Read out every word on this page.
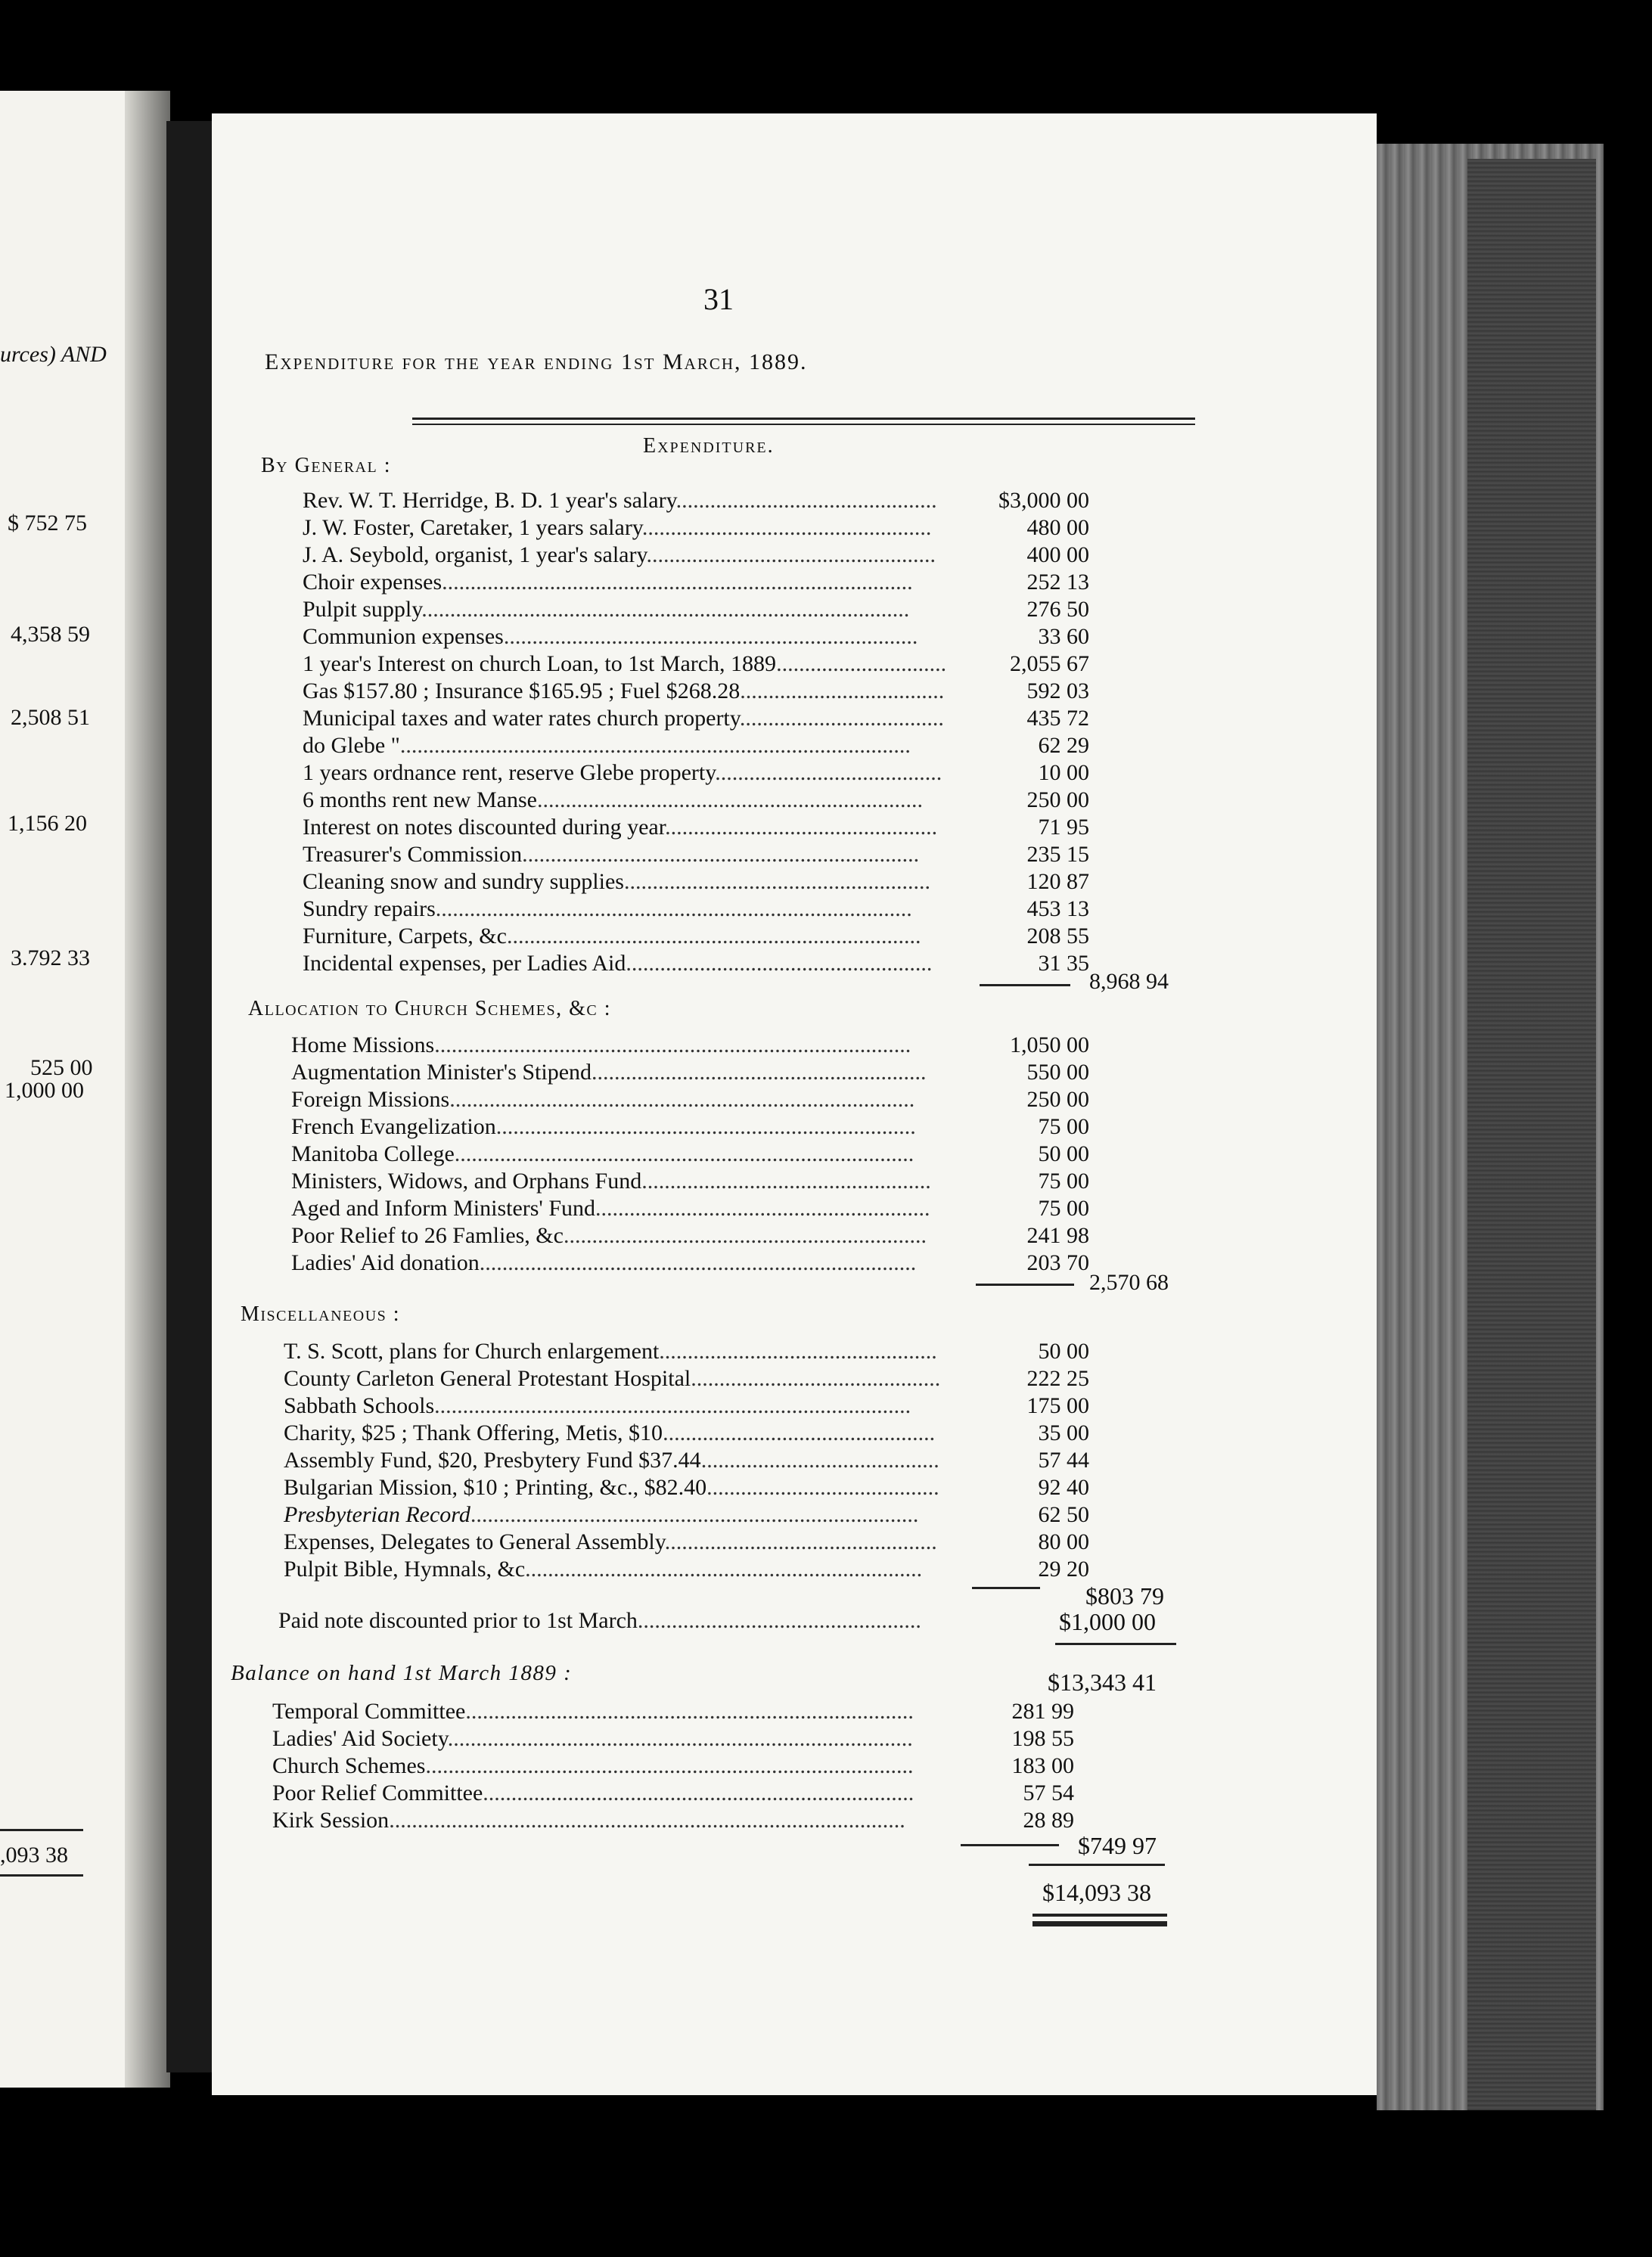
urces) AND
$ 752 75
4,358 59
2,508 51
1,156 20
3.792 33
525 00
1,000 00
,093 38
31
Expenditure for the year ending 1st March, 1889.
Expenditure.
By General :
Rev. W. T. Herridge, B. D. 1 year's salary..............................................	$3,000 00
J. W. Foster, Caretaker, 1 years salary...................................................	480 00
J. A. Seybold, organist, 1 year's salary...................................................	400 00
Choir expenses...................................................................................	252 13
Pulpit supply......................................................................................	276 50
Communion expenses.........................................................................	33 60
1 year's Interest on church Loan, to 1st March, 1889..............................	2,055 67
Gas $157.80 ; Insurance $165.95 ; Fuel $268.28....................................	592 03
Municipal taxes and water rates church property....................................	435 72
do Glebe "..........................................................................................	62 29
1 years ordnance rent, reserve Glebe property........................................	10 00
6 months rent new Manse....................................................................	250 00
Interest on notes discounted during year................................................	71 95
Treasurer's Commission......................................................................	235 15
Cleaning snow and sundry supplies......................................................	120 87
Sundry repairs....................................................................................	453 13
Furniture, Carpets, &c.........................................................................	208 55
Incidental expenses, per Ladies Aid......................................................	31 35
8,968 94
Allocation to Church Schemes, &c :
Home Missions....................................................................................	1,050 00
Augmentation Minister's Stipend...........................................................	550 00
Foreign Missions..................................................................................	250 00
French Evangelization..........................................................................	75 00
Manitoba College.................................................................................	50 00
Ministers, Widows, and Orphans Fund...................................................	75 00
Aged and Inform Ministers' Fund...........................................................	75 00
Poor Relief to 26 Famlies, &c................................................................	241 98
Ladies' Aid donation.............................................................................	203 70
2,570 68
Miscellaneous :
T. S. Scott, plans for Church enlargement.................................................	50 00
County Carleton General Protestant Hospital............................................	222 25
Sabbath Schools....................................................................................	175 00
Charity, $25 ; Thank Offering, Metis, $10................................................	35 00
Assembly Fund, $20, Presbytery Fund $37.44..........................................	57 44
Bulgarian Mission, $10 ; Printing, &c., $82.40.........................................	92 40
Presbyterian Record...............................................................................	62 50
Expenses, Delegates to General Assembly................................................	80 00
Pulpit Bible, Hymnals, &c......................................................................	29 20
$803 79
Paid note discounted prior to 1st March..................................................	$1,000 00
$13,343 41
Balance on hand 1st March 1889 :
Temporal Committee...............................................................................	281 99
Ladies' Aid Society..................................................................................	198 55
Church Schemes......................................................................................	183 00
Poor Relief Committee............................................................................	57 54
Kirk Session...........................................................................................	28 89
$749 97
$14,093 38
